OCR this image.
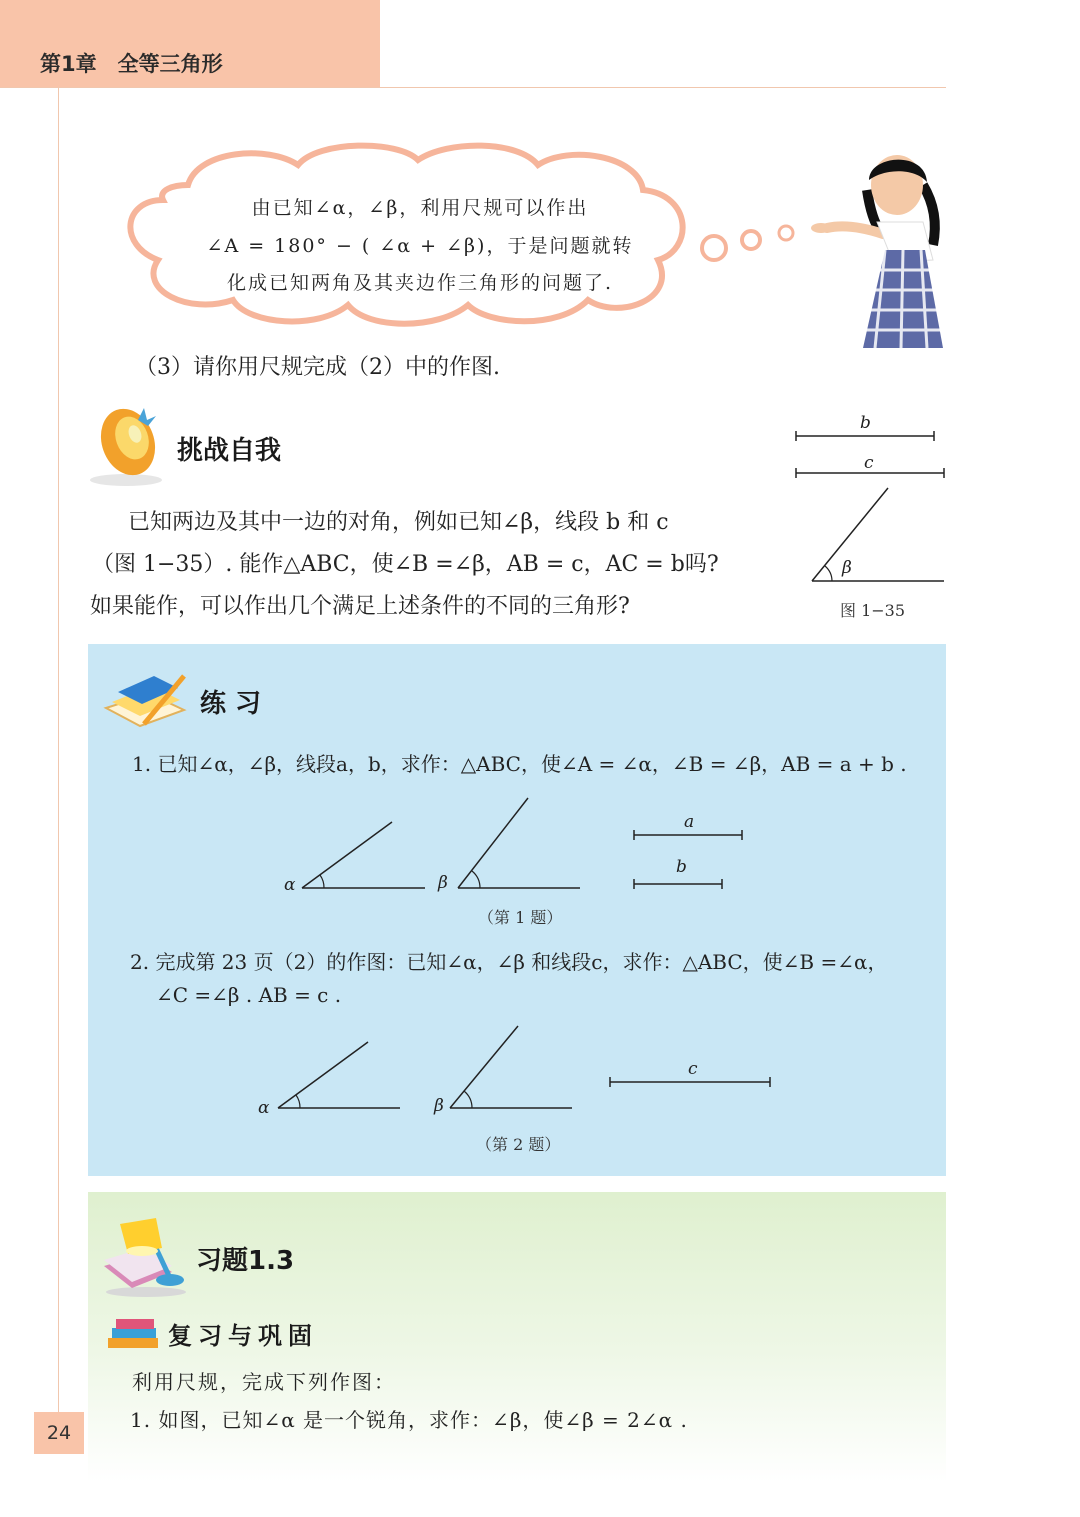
第1章　 全等三角形
由已知∠α，∠β，利用尺规可以作出
∠A = 180° − ( ∠α + ∠β)，于是问题就转
化成已知两角及其夹边作三角形的问题了.
（3）请你用尺规完成（2）中的作图.
挑战自我
已知两边及其中一边的对角，例如已知∠β，线段 b 和 c
（图 1−35）. 能作△ABC，使∠B =∠β，AB = c，AC = b吗?
如果能作，可以作出几个满足上述条件的不同的三角形?
b
c
β
图 1−35
练 习
1. 已知∠α，∠β，线段a，b，求作：△ABC，使∠A = ∠α，∠B = ∠β，AB = a + b .
α	β
a
b
（第 1 题）
2. 完成第 23 页（2）的作图：已知∠α，∠β 和线段c，求作：△ABC，使∠B =∠α，
∠C =∠β . AB = c .
α	β
c
（第 2 题）
习题1.3
复习与巩固
利用尺规，完成下列作图：
1. 如图，已知∠α 是一个锐角，求作：∠β，使∠β = 2∠α .
24
